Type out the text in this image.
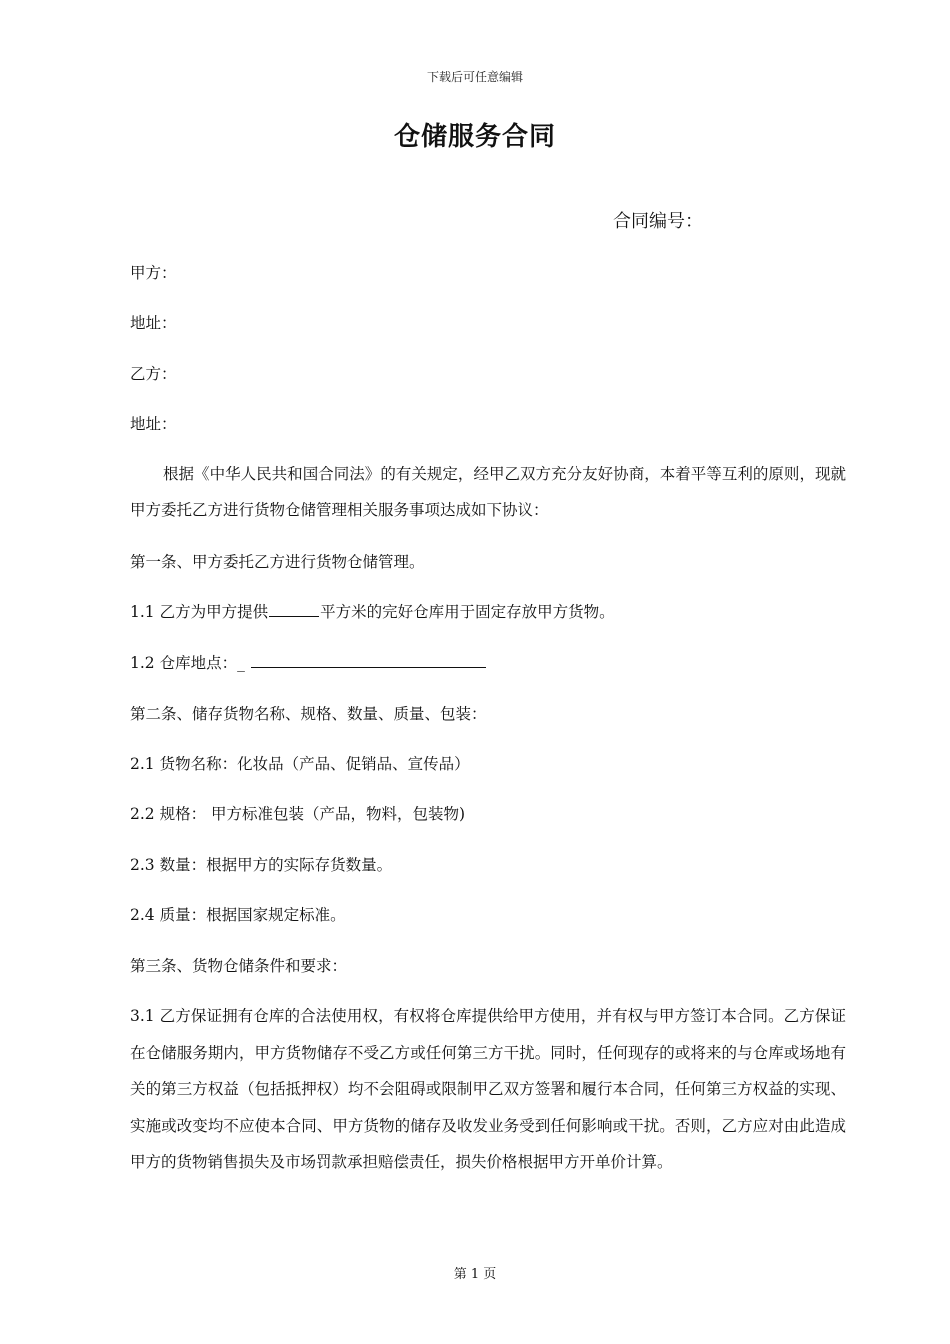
下载后可任意编辑
仓储服务合同
合同编号：
甲方：
地址：
乙方：
地址：
根据《中华人民共和国合同法》的有关规定，经甲乙双方充分友好协商，本着平等互利的原则，现就甲方委托乙方进行货物仓储管理相关服务事项达成如下协议：
第一条、甲方委托乙方进行货物仓储管理。
1.1 乙方为甲方提供	平方米的完好仓库用于固定存放甲方货物。
1.2 仓库地点：_
第二条、储存货物名称、规格、数量、质量、包装：
2.1 货物名称：化妆品（产品、促销品、宣传品）
2.2 规格： 甲方标准包装（产品，物料，包装物)
2.3 数量：根据甲方的实际存货数量。
2.4 质量：根据国家规定标准。
第三条、货物仓储条件和要求：
3.1 乙方保证拥有仓库的合法使用权，有权将仓库提供给甲方使用，并有权与甲方签订本合同。乙方保证在仓储服务期内，甲方货物储存不受乙方或任何第三方干扰。同时，任何现存的或将来的与仓库或场地有关的第三方权益（包括抵押权）均不会阻碍或限制甲乙双方签署和履行本合同，任何第三方权益的实现、实施或改变均不应使本合同、甲方货物的储存及收发业务受到任何影响或干扰。否则，乙方应对由此造成甲方的货物销售损失及市场罚款承担赔偿责任，损失价格根据甲方开单价计算。
第 1 页
